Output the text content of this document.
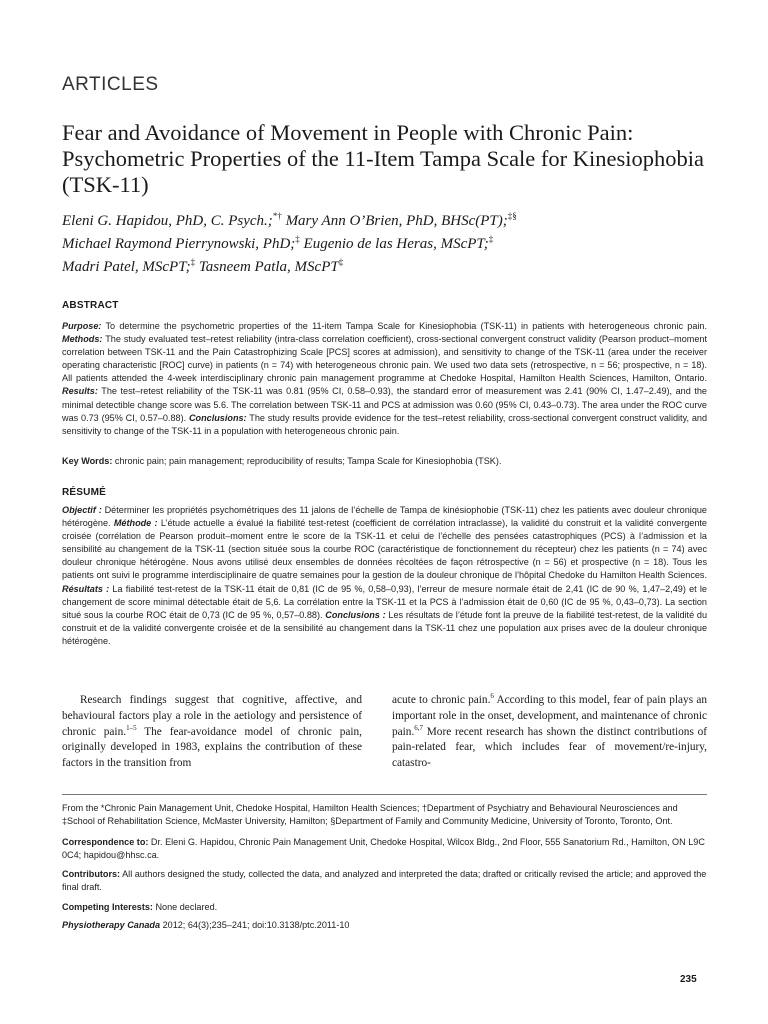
ARTICLES
Fear and Avoidance of Movement in People with Chronic Pain: Psychometric Properties of the 11-Item Tampa Scale for Kinesiophobia (TSK-11)
Eleni G. Hapidou, PhD, C. Psych.;*† Mary Ann O’Brien, PhD, BHSc(PT);‡§
Michael Raymond Pierrynowski, PhD;‡ Eugenio de las Heras, MScPT;‡
Madri Patel, MScPT;‡ Tasneem Patla, MScPT‡
ABSTRACT

Purpose: To determine the psychometric properties of the 11-item Tampa Scale for Kinesiophobia (TSK-11) in patients with heterogeneous chronic pain. Methods: The study evaluated test–retest reliability (intra-class correlation coefficient), cross-sectional convergent construct validity (Pearson product–moment correlation between TSK-11 and the Pain Catastrophizing Scale [PCS] scores at admission), and sensitivity to change of the TSK-11 (area under the receiver operating characteristic [ROC] curve) in patients (n = 74) with heterogeneous chronic pain. We used two data sets (retrospective, n = 56; prospective, n = 18). All patients attended the 4-week interdisciplinary chronic pain management programme at Chedoke Hospital, Hamilton Health Sciences, Hamilton, Ontario. Results: The test–retest reliability of the TSK-11 was 0.81 (95% CI, 0.58–0.93), the standard error of measurement was 2.41 (90% CI, 1.47–2.49), and the minimal detectible change score was 5.6. The correlation between TSK-11 and PCS at admission was 0.60 (95% CI, 0.43–0.73). The area under the ROC curve was 0.73 (95% CI, 0.57–0.88). Conclusions: The study results provide evidence for the test–retest reliability, cross-sectional convergent construct validity, and sensitivity to change of the TSK-11 in a population with heterogeneous chronic pain.

Key Words: chronic pain; pain management; reproducibility of results; Tampa Scale for Kinesiophobia (TSK).

RÉSUMÉ

Objectif : Déterminer les propriétés psychométriques des 11 jalons de l’échelle de Tampa de kinésiophobie (TSK-11) chez les patients avec douleur chronique hétérogène. Méthode : L’étude actuelle a évalué la fiabilité test-retest (coefficient de corrélation intraclasse), la validité du construit et la validité convergente croisée (corrélation de Pearson produit–moment entre le score de la TSK-11 et celui de l’échelle des pensées catastrophiques (PCS) à l’admission et la sensibilité au changement de la TSK-11 (section située sous la courbe ROC (caractéristique de fonctionnement du récepteur) chez les patients (n = 74) avec douleur chronique hétérogène. Nous avons utilisé deux ensembles de données récoltées de façon rétrospective (n = 56) et prospective (n = 18). Tous les patients ont suivi le programme interdisciplinaire de quatre semaines pour la gestion de la douleur chronique de l’hôpital Chedoke du Hamilton Health Sciences. Résultats : La fiabilité test-retest de la TSK-11 était de 0,81 (IC de 95 %, 0,58–0,93), l’erreur de mesure normale était de 2,41 (IC de 90 %, 1,47–2,49) et le changement de score minimal détectable était de 5,6. La corrélation entre la TSK-11 et la PCS à l’admission était de 0,60 (IC de 95 %, 0,43–0,73). La section situé sous la courbe ROC était de 0,73 (IC de 95 %, 0,57–0.88). Conclusions : Les résultats de l’étude font la preuve de la fiabilité test-retest, de la validité du construit et de la validité convergente croisée et de la sensibilité au changement dans la TSK-11 chez une population aux prises avec de la douleur chronique hétérogène.

Research findings suggest that cognitive, affective, and behavioural factors play a role in the aetiology and persistence of chronic pain.$^{1-5}$ The fear-avoidance model of chronic pain, originally developed in 1983, explains the contribution of these factors in the transition from

acute to chronic pain.$^6$ According to this model, fear of pain plays an important role in the onset, development, and maintenance of chronic pain.$^{6,7}$ More recent research has shown the distinct contributions of pain-related fear, which includes fear of movement/re-injury, catastro-

From the *Chronic Pain Management Unit, Chedoke Hospital, Hamilton Health Sciences; †Department of Psychiatry and Behavioural Neurosciences and ‡School of Rehabilitation Science, McMaster University, Hamilton; §Department of Family and Community Medicine, University of Toronto, Toronto, Ont.

Correspondence to: Dr. Eleni G. Hapidou, Chronic Pain Management Unit, Chedoke Hospital, Wilcox Bldg., 2nd Floor, 555 Sanatorium Rd., Hamilton, ON L9C 0C4; hapidou@hhsc.ca.

Contributors: All authors designed the study, collected the data, and analyzed and interpreted the data; drafted or critically revised the article; and approved the final draft.

Competing Interests: None declared.

Physiotherapy Canada 2012; 64(3);235–241; doi:10.3138/ptc.2011-10

235
